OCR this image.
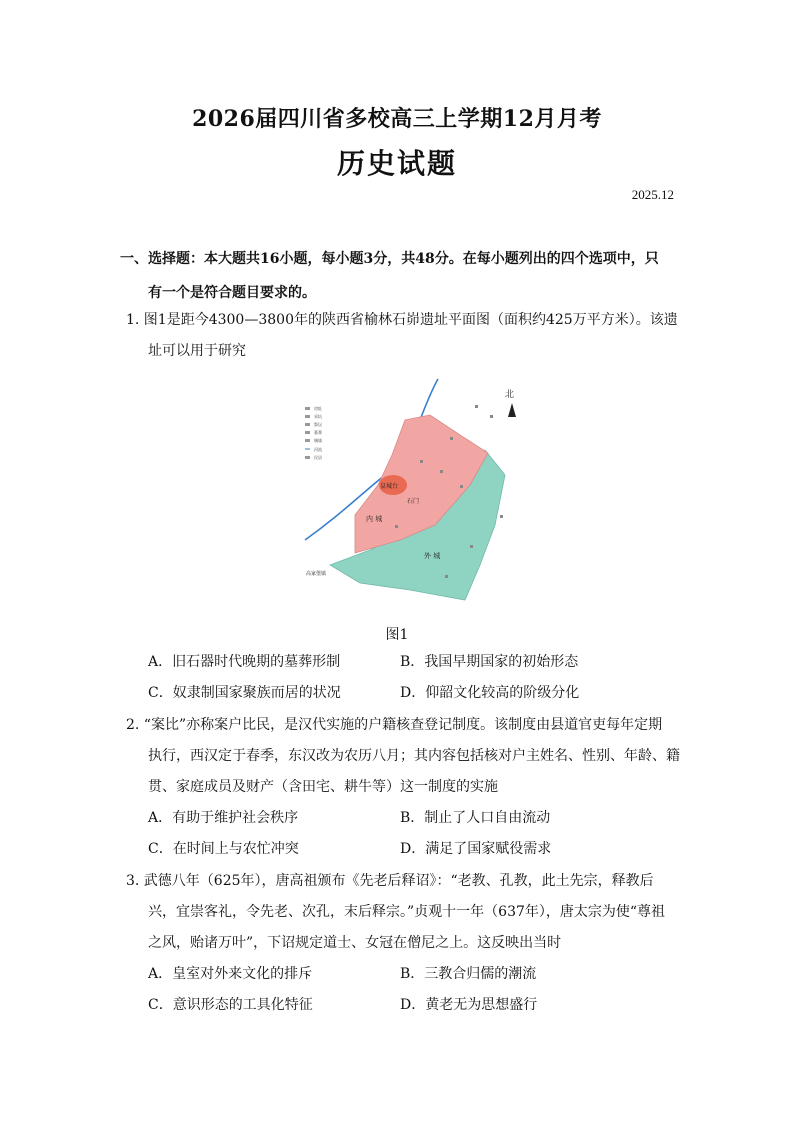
2026届四川省多校高三上学期12月月考
历史试题
2025.12
一、选择题：本大题共16小题，每小题3分，共48分。在每小题列出的四个选项中，只
有一个是符合题目要求的。
1. 图1是距今4300—3800年的陕西省榆林石峁遗址平面图（面积约425万平方米）。该遗
址可以用于研究
北
皇城台
石门
内 城
外 城
高家堡镇
房址
采坑
祭坛
墓葬
城墙
河流
民居
图1
A．旧石器时代晚期的墓葬形制	B．我国早期国家的初始形态
C．奴隶制国家聚族而居的状况	D．仰韶文化较高的阶级分化
2. “案比”亦称案户比民，是汉代实施的户籍核查登记制度。该制度由县道官吏每年定期
执行，西汉定于春季，东汉改为农历八月；其内容包括核对户主姓名、性别、年龄、籍
贯、家庭成员及财产（含田宅、耕牛等）这一制度的实施
A．有助于维护社会秩序	B．制止了人口自由流动
C．在时间上与农忙冲突	D．满足了国家赋役需求
3. 武德八年（625年），唐高祖颁布《先老后释诏》：“老教、孔教，此土先宗，释教后
兴，宜崇客礼，令先老、次孔，末后释宗。”贞观十一年（637年），唐太宗为使“尊祖
之风，贻诸万叶”，下诏规定道士、女冠在僧尼之上。这反映出当时
A．皇室对外来文化的排斥	B．三教合归儒的潮流
C．意识形态的工具化特征	D．黄老无为思想盛行
